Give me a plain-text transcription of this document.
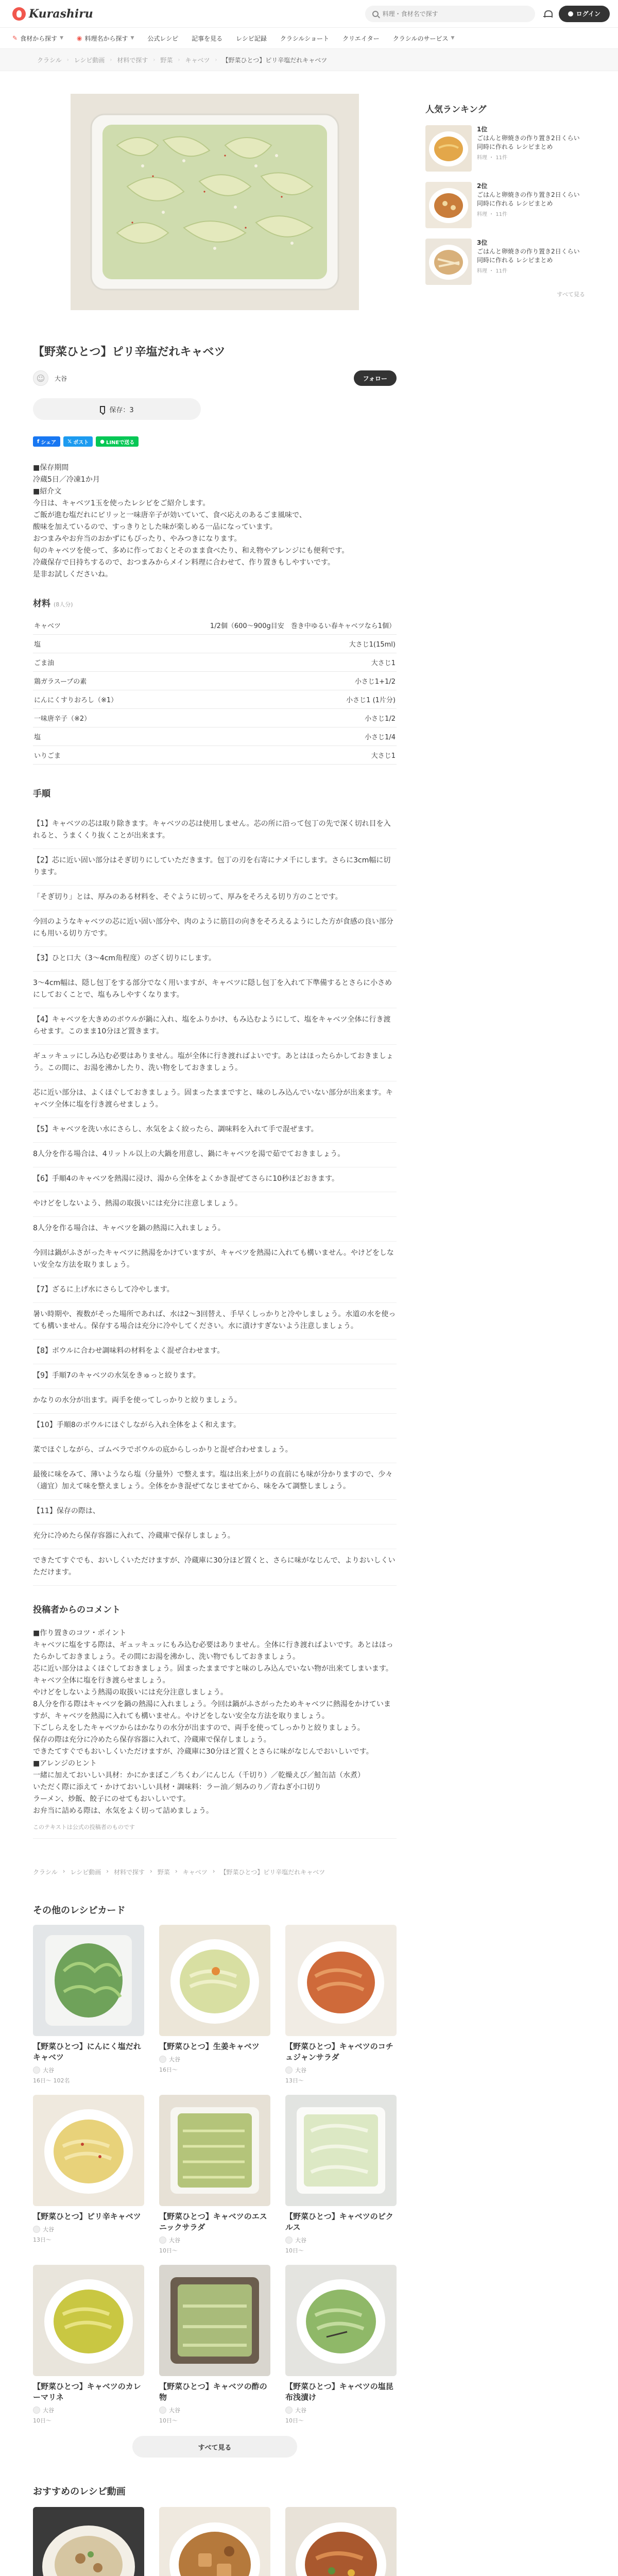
Kurashiru
料理・食材名で探す	ログイン
✎ 食材から探す ▼ ◉ 料理名から探す ▼ 公式レシピ 記事を見る レシピ記録 クラシルショート クリエイター クラシルのサービス ▼
クラシル › レシピ動画 › 材料で探す › 野菜 › キャベツ › 【野菜ひとつ】ピリ辛塩だれキャベツ
【野菜ひとつ】ピリ辛塩だれキャベツ
☺	大谷	フォロー
保存：3
f シェア 𝕏 ポスト ● LINEで送る

■保存期間

冷蔵5日／冷凍1か月

■紹介文

今日は、キャベツ1玉を使ったレシピをご紹介します。

ご飯が進む塩だれにピリッと一味唐辛子が効いていて、食べ応えのあるごま風味で、

酸味を加えているので、すっきりとした味が楽しめる一品になっています。

おつまみやお弁当のおかずにもぴったり、やみつきになります。

旬のキャベツを使って、多めに作っておくとそのまま食べたり、和え物やアレンジにも便利です。

冷蔵保存で日持ちするので、おつまみからメイン料理に合わせて、作り置きもしやすいです。

是非お試しくださいね。

材料 (8人分)
キャベツ	1/2個（600〜900g目安　巻き中ゆるい春キャベツなら1個）
塩	大さじ1(15ml)
ごま油	大さじ1
鶏ガラスープの素	小さじ1+1/2
にんにくすりおろし（※1）	小さじ1 (1片分)
一味唐辛子（※2）	小さじ1/2
塩	小さじ1/4
いりごま	大さじ1
手順

【1】キャベツの芯は取り除きます。キャベツの芯は使用しません。芯の所に沿って包丁の先で深く切れ目を入れると、うまくくり抜くことが出来ます。

【2】芯に近い固い部分はそぎ切りにしていただきます。包丁の刃を右寄にナメ千にします。さらに3cm幅に切ります。

「そぎ切り」とは、厚みのある材料を、そぐように切って、厚みをそろえる切り方のことです。

今回のようなキャベツの芯に近い固い部分や、肉のように筋目の向きをそろえるようにした方が食感の良い部分にも用いる切り方です。

【3】ひと口大（3〜4cm角程度）のざく切りにします。

3〜4cm幅は、隠し包丁をする部分でなく用いますが、キャベツに隠し包丁を入れて下準備するとさらに小さめにしておくことで、塩もみしやすくなります。

【4】キャベツを大きめのボウルが鍋に入れ、塩をふりかけ、もみ込むようにして、塩をキャベツ全体に行き渡らせます。このまま10分ほど置きます。

ギュッキュッにしみ込む必要はありません。塩が全体に行き渡ればよいです。あとはほったらかしておきましょう。この間に、お湯を沸かしたり、洗い物をしておきましょう。

芯に近い部分は、よくほぐしておきましょう。固まったままですと、味のしみ込んでいない部分が出来ます。キャベツ全体に塩を行き渡らせましょう。

【5】キャベツを洗い水にさらし、水気をよく絞ったら、調味料を入れて手で混ぜます。

8人分を作る場合は、4リットル以上の大鍋を用意し、鍋にキャベツを湯で茹でておきましょう。

【6】手順4のキャベツを熱湯に浸け、湯から全体をよくかき混ぜてさらに10秒ほどおきます。

やけどをしないよう、熱湯の取扱いには充分に注意しましょう。

8人分を作る場合は、キャベツを鍋の熱湯に入れましょう。

今回は鍋がふさがったキャベツに熱湯をかけていますが、キャベツを熱湯に入れても構いません。やけどをしない安全な方法を取りましょう。

【7】ざるに上げ水にさらして冷やします。

暑い時期や、複数がそった場所であれば、水は2〜3回替え、手早くしっかりと冷やしましょう。水道の水を使っても構いません。保存する場合は充分に冷やしてください。水に漬けすぎないよう注意しましょう。

【8】ボウルに合わせ調味料の材料をよく混ぜ合わせます。

【9】手順7のキャベツの水気をきゅっと絞ります。

かなりの水分が出ます。両手を使ってしっかりと絞りましょう。

【10】手順8のボウルにほぐしながら入れ全体をよく和えます。

菜でほぐしながら、ゴムベラでボウルの底からしっかりと混ぜ合わせましょう。

最後に味をみて、薄いようなら塩（分量外）で整えます。塩は出来上がりの直前にも味が分かりますので、少々（適宜）加えて味を整えましょう。全体をかき混ぜてなじませてから、味をみて調整しましょう。

【11】保存の際は、

充分に冷めたら保存容器に入れて、冷蔵庫で保存しましょう。

できたてすぐでも、おいしくいただけますが、冷蔵庫に30分ほど置くと、さらに味がなじんで、よりおいしくいただけます。

投稿者からのコメント

■作り置きのコツ・ポイント

キャベツに塩をする際は、ギュッキュッにもみ込む必要はありません。全体に行き渡ればよいです。あとはほったらかしておきましょう。その間にお湯を沸かし、洗い物でもしておきましょう。

芯に近い部分はよくほぐしておきましょう。固まったままですと味のしみ込んでいない物が出来てしまいます。キャベツ全体に塩を行き渡らせましょう。

やけどをしないよう熱湯の取扱いには充分注意しましょう。

8人分を作る際はキャベツを鍋の熱湯に入れましょう。今回は鍋がふさがったためキャベツに熱湯をかけていますが、キャベツを熱湯に入れても構いません。やけどをしない安全な方法を取りましょう。

下ごしらえをしたキャベツからはかなりの水分が出ますので、両手を使ってしっかりと絞りましょう。

保存の際は充分に冷めたら保存容器に入れて、冷蔵庫で保存しましょう。

できたてすぐでもおいしくいただけますが、冷蔵庫に30分ほど置くとさらに味がなじんでおいしいです。

■アレンジのヒント

一緒に加えておいしい具材：かにかまぼこ／ちくわ／にんじん（千切り）／乾燥えび／鮭缶詰（水煮）

いただく際に添えて・かけておいしい具材・調味料：ラー油／刻みのり／青ねぎ小口切り

ラーメン、炒飯、餃子にのせてもおいしいです。

お弁当に詰める際は、水気をよく切って詰めましょう。

このテキストは公式の投稿者のものです

クラシル › レシピ動画 › 材料で探す › 野菜 › キャベツ › 【野菜ひとつ】ピリ辛塩だれキャベツ
その他のレシピカード
【野菜ひとつ】にんにく塩だれキャベツ
大谷
16日〜 102名
【野菜ひとつ】生姜キャベツ
大谷
16日〜
【野菜ひとつ】キャベツのコチュジャンサラダ
大谷
13日〜
【野菜ひとつ】ピリ辛キャベツ
大谷
13日〜
【野菜ひとつ】キャベツのエスニックサラダ
大谷
10日〜
【野菜ひとつ】キャベツのピクルス
大谷
10日〜
【野菜ひとつ】キャベツのカレーマリネ
大谷
10日〜
【野菜ひとつ】キャベツの酢の物
大谷
10日〜
【野菜ひとつ】キャベツの塩昆布浅漬け
大谷
10日〜
すべて見る
おすすめのレシピ動画
人気ランキング
1位
ごはんと卵焼きの作り置き2日くらい同時に作れる レシピまとめ
料理 ・ 11件
2位
ごはんと卵焼きの作り置き2日くらい同時に作れる レシピまとめ
料理 ・ 11件
3位
ごはんと卵焼きの作り置き2日くらい同時に作れる レシピまとめ
料理 ・ 11件
すべて見る
